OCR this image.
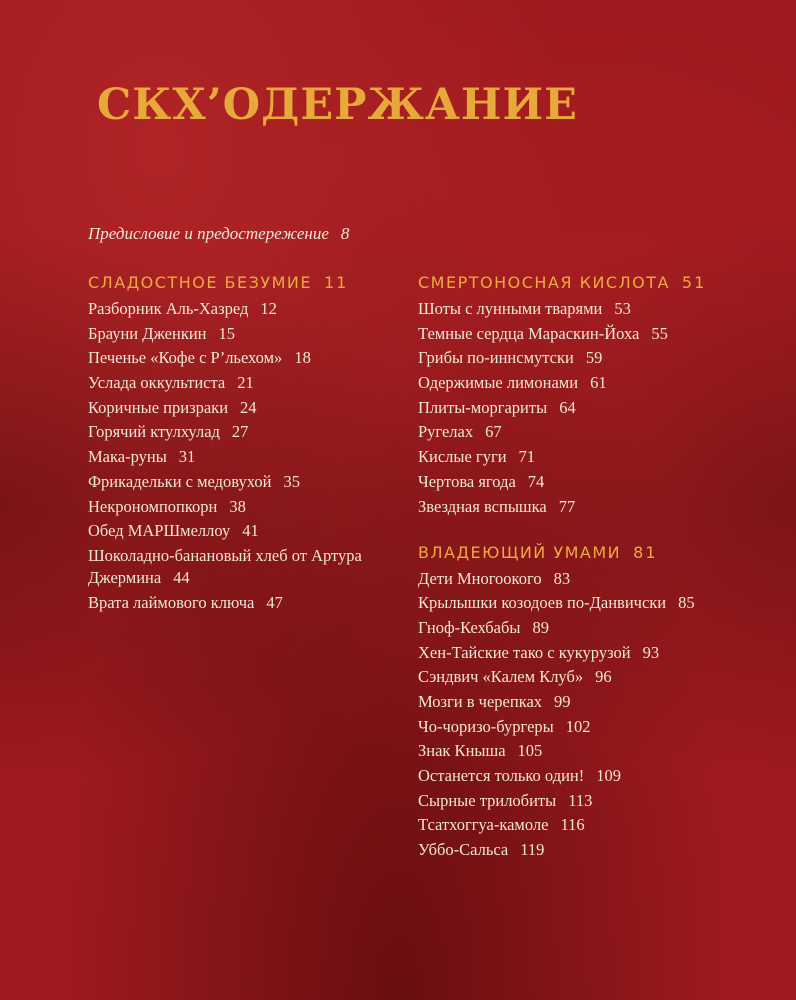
СКХ’ОДЕРЖАНИЕ
Предисловие и предостережение 8
СЛАДОСТНОЕ БЕЗУМИЕ 11
Разборник Аль-Хазред 12
Брауни Дженкин 15
Печенье «Кофе с Р’льехом» 18
Услада оккультиста 21
Коричные призраки 24
Горячий ктулхулад 27
Мака-руны 31
Фрикадельки с медовухой 35
Некрономпопкорн 38
Обед МАРШмеллоу 41
Шоколадно-банановый хлеб от Артура Джермина 44
Врата лаймового ключа 47
СМЕРТОНОСНАЯ КИСЛОТА 51
Шоты с лунными тварями 53
Темные сердца Мараскин-Йоха 55
Грибы по-иннсмутски 59
Одержимые лимонами 61
Плиты-моргариты 64
Ругелах 67
Кислые гуги 71
Чертова ягода 74
Звездная вспышка 77
ВЛАДЕЮЩИЙ УМАМИ 81
Дети Многоокого 83
Крылышки козодоев по-Данвичски 85
Гноф-Кехбабы 89
Хен-Тайские тако с кукурузой 93
Сэндвич «Калем Клуб» 96
Мозги в черепках 99
Чо-чоризо-бургеры 102
Знак Кныша 105
Останется только один! 109
Сырные трилобиты 113
Тсатхоггуа-камоле 116
Уббо-Сальса 119
